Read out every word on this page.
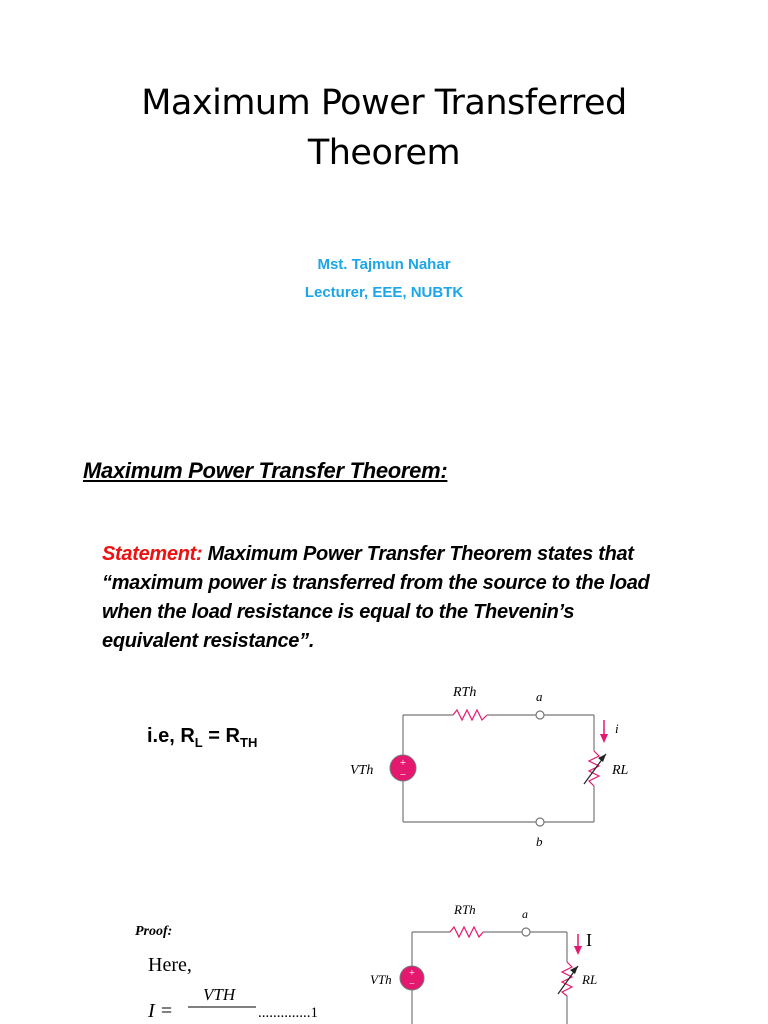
Maximum Power Transferred
Theorem
Mst. Tajmun Nahar
Lecturer, EEE, NUBTK
Maximum Power Transfer Theorem:
Statement: Maximum Power Transfer Theorem states that “maximum power is transferred from the source to the load when the load resistance is equal to the Thevenin’s equivalent resistance”.
i.e, $R_L = R_{TH}$
+
−
RTh	a
b
VTh	RL
i
Proof:
Here,
I =
VTH
..............1
+
−
RTh	a
VTh	RL
I
